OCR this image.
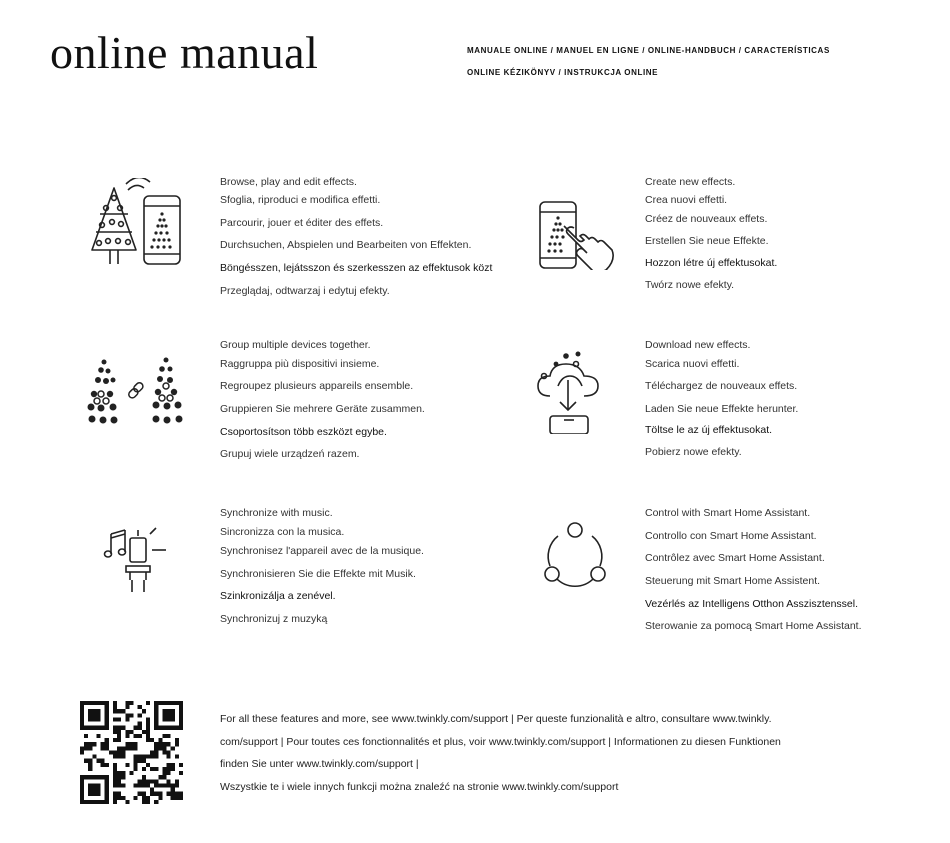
online manual	MANUALE ONLINE / MANUEL EN LIGNE / ONLINE-HANDBUCH / CARACTERÍSTICAS
ONLINE KÉZIKÖNYV / INSTRUKCJA ONLINE
Browse, play and edit effects.
Sfoglia, riproduci e modifica effetti.
Parcourir, jouer et éditer des effets.
Durchsuchen, Abspielen und Bearbeiten von Effekten.
Böngésszen, lejátsszon és szerkesszen az effektusok közt
Przeglądaj, odtwarzaj i edytuj efekty.
Create new effects.
Crea nuovi effetti.
Créez de nouveaux effets.
Erstellen Sie neue Effekte.
Hozzon létre új effektusokat.
Twórz nowe efekty.
Group multiple devices together.
Raggruppa più dispositivi insieme.
Regroupez plusieurs appareils ensemble.
Gruppieren Sie mehrere Geräte zusammen.
Csoportosítson több eszközt egybe.
Grupuj wiele urządzeń razem.
Download new effects.
Scarica nuovi effetti.
Téléchargez de nouveaux effets.
Laden Sie neue Effekte herunter.
Töltse le az új effektusokat.
Pobierz nowe efekty.
Synchronize with music.
Sincronizza con la musica.
Synchronisez l'appareil avec de la musique.
Synchronisieren Sie die Effekte mit Musik.
Szinkronizálja a zenével.
Synchronizuj z muzyką
Control with Smart Home Assistant.
Controllo con Smart Home Assistant.
Contrôlez avec Smart Home Assistant.
Steuerung mit Smart Home Assistent.
Vezérlés az Intelligens Otthon Asszisztenssel.
Sterowanie za pomocą Smart Home Assistant.
For all these features and more, see www.twinkly.com/support | Per queste funzionalità e altro, consultare www.twinkly.
com/support | Pour toutes ces fonctionnalités et plus, voir www.twinkly.com/support | Informationen zu diesen Funktionen
finden Sie unter www.twinkly.com/support |
Wszystkie te i wiele innych funkcji można znaleźć na stronie www.twinkly.com/support
